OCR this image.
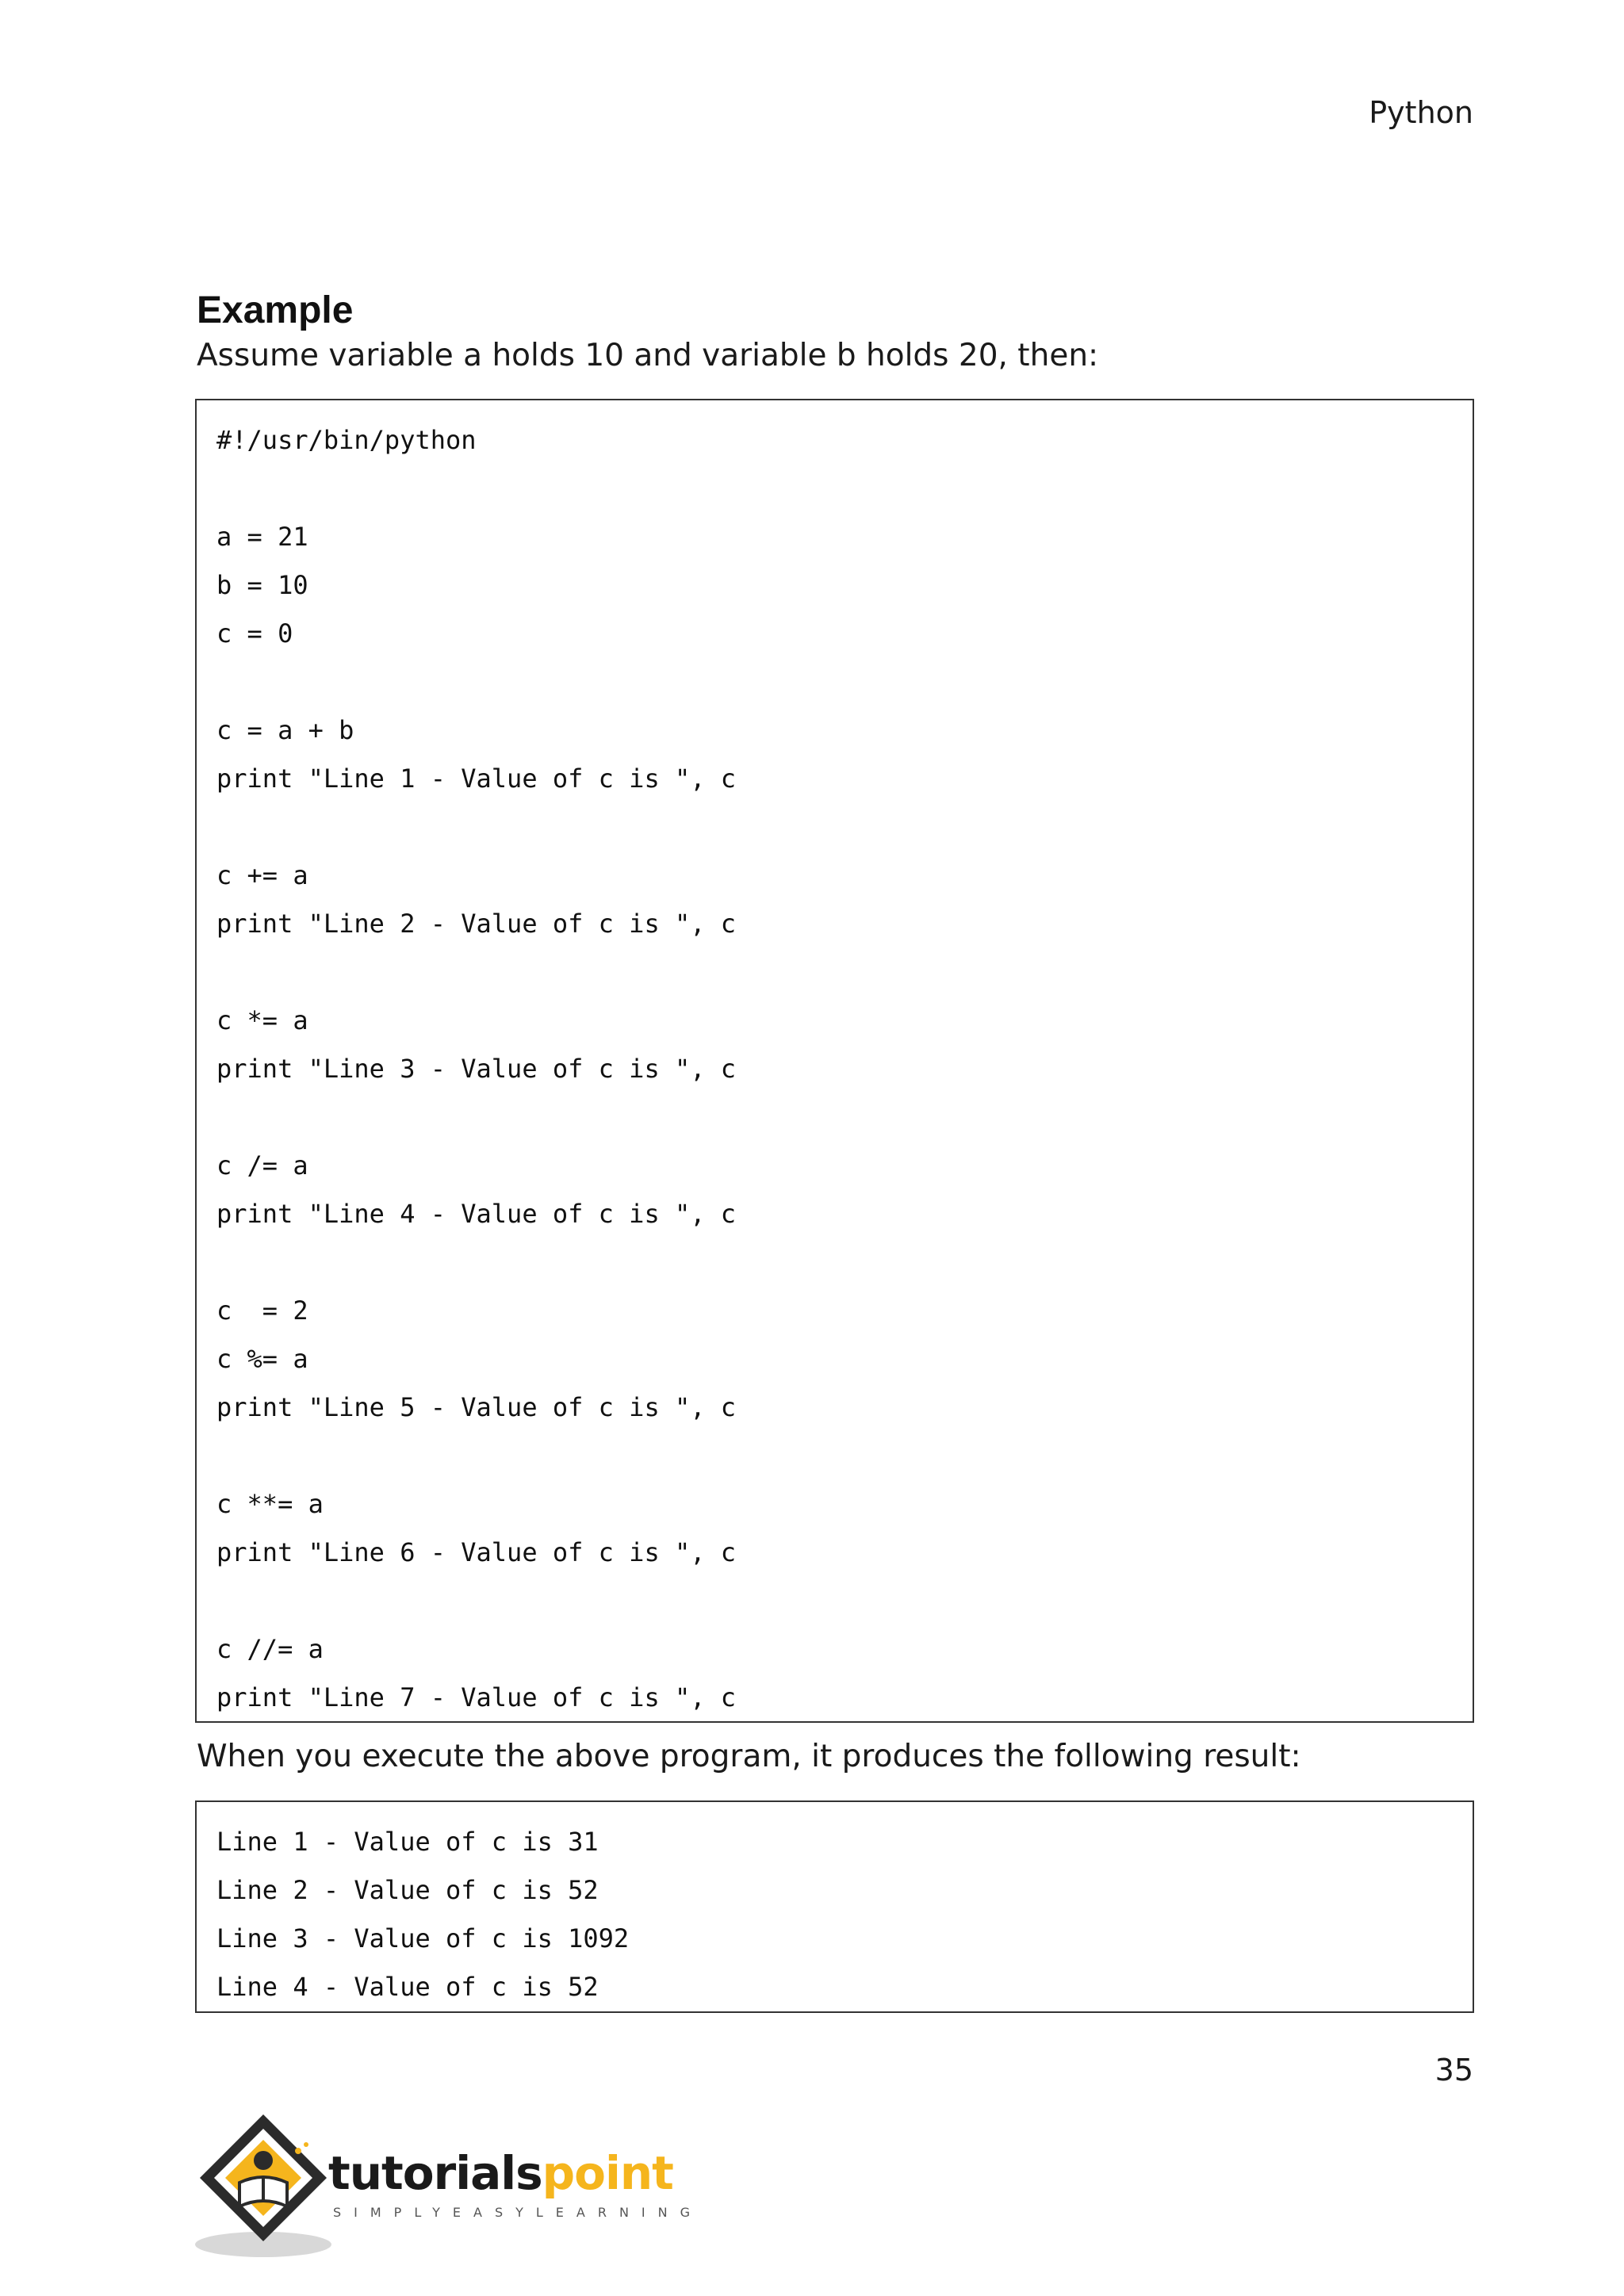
Python

Example

Assume variable a holds 10 and variable b holds 20, then:

#!/usr/bin/python
a = 21
b = 10
c = 0
c = a + b
print "Line 1 - Value of c is ", c
c += a
print "Line 2 - Value of c is ", c
c *= a
print "Line 3 - Value of c is ", c
c /= a
print "Line 4 - Value of c is ", c
c  = 2
c %= a
print "Line 5 - Value of c is ", c
c **= a
print "Line 6 - Value of c is ", c
c //= a
print "Line 7 - Value of c is ", c

When you execute the above program, it produces the following result:

Line 1 - Value of c is 31
Line 2 - Value of c is 52
Line 3 - Value of c is 1092
Line 4 - Value of c is 52

35

tutorialspoint
SIMPLYEASYLEARNING
